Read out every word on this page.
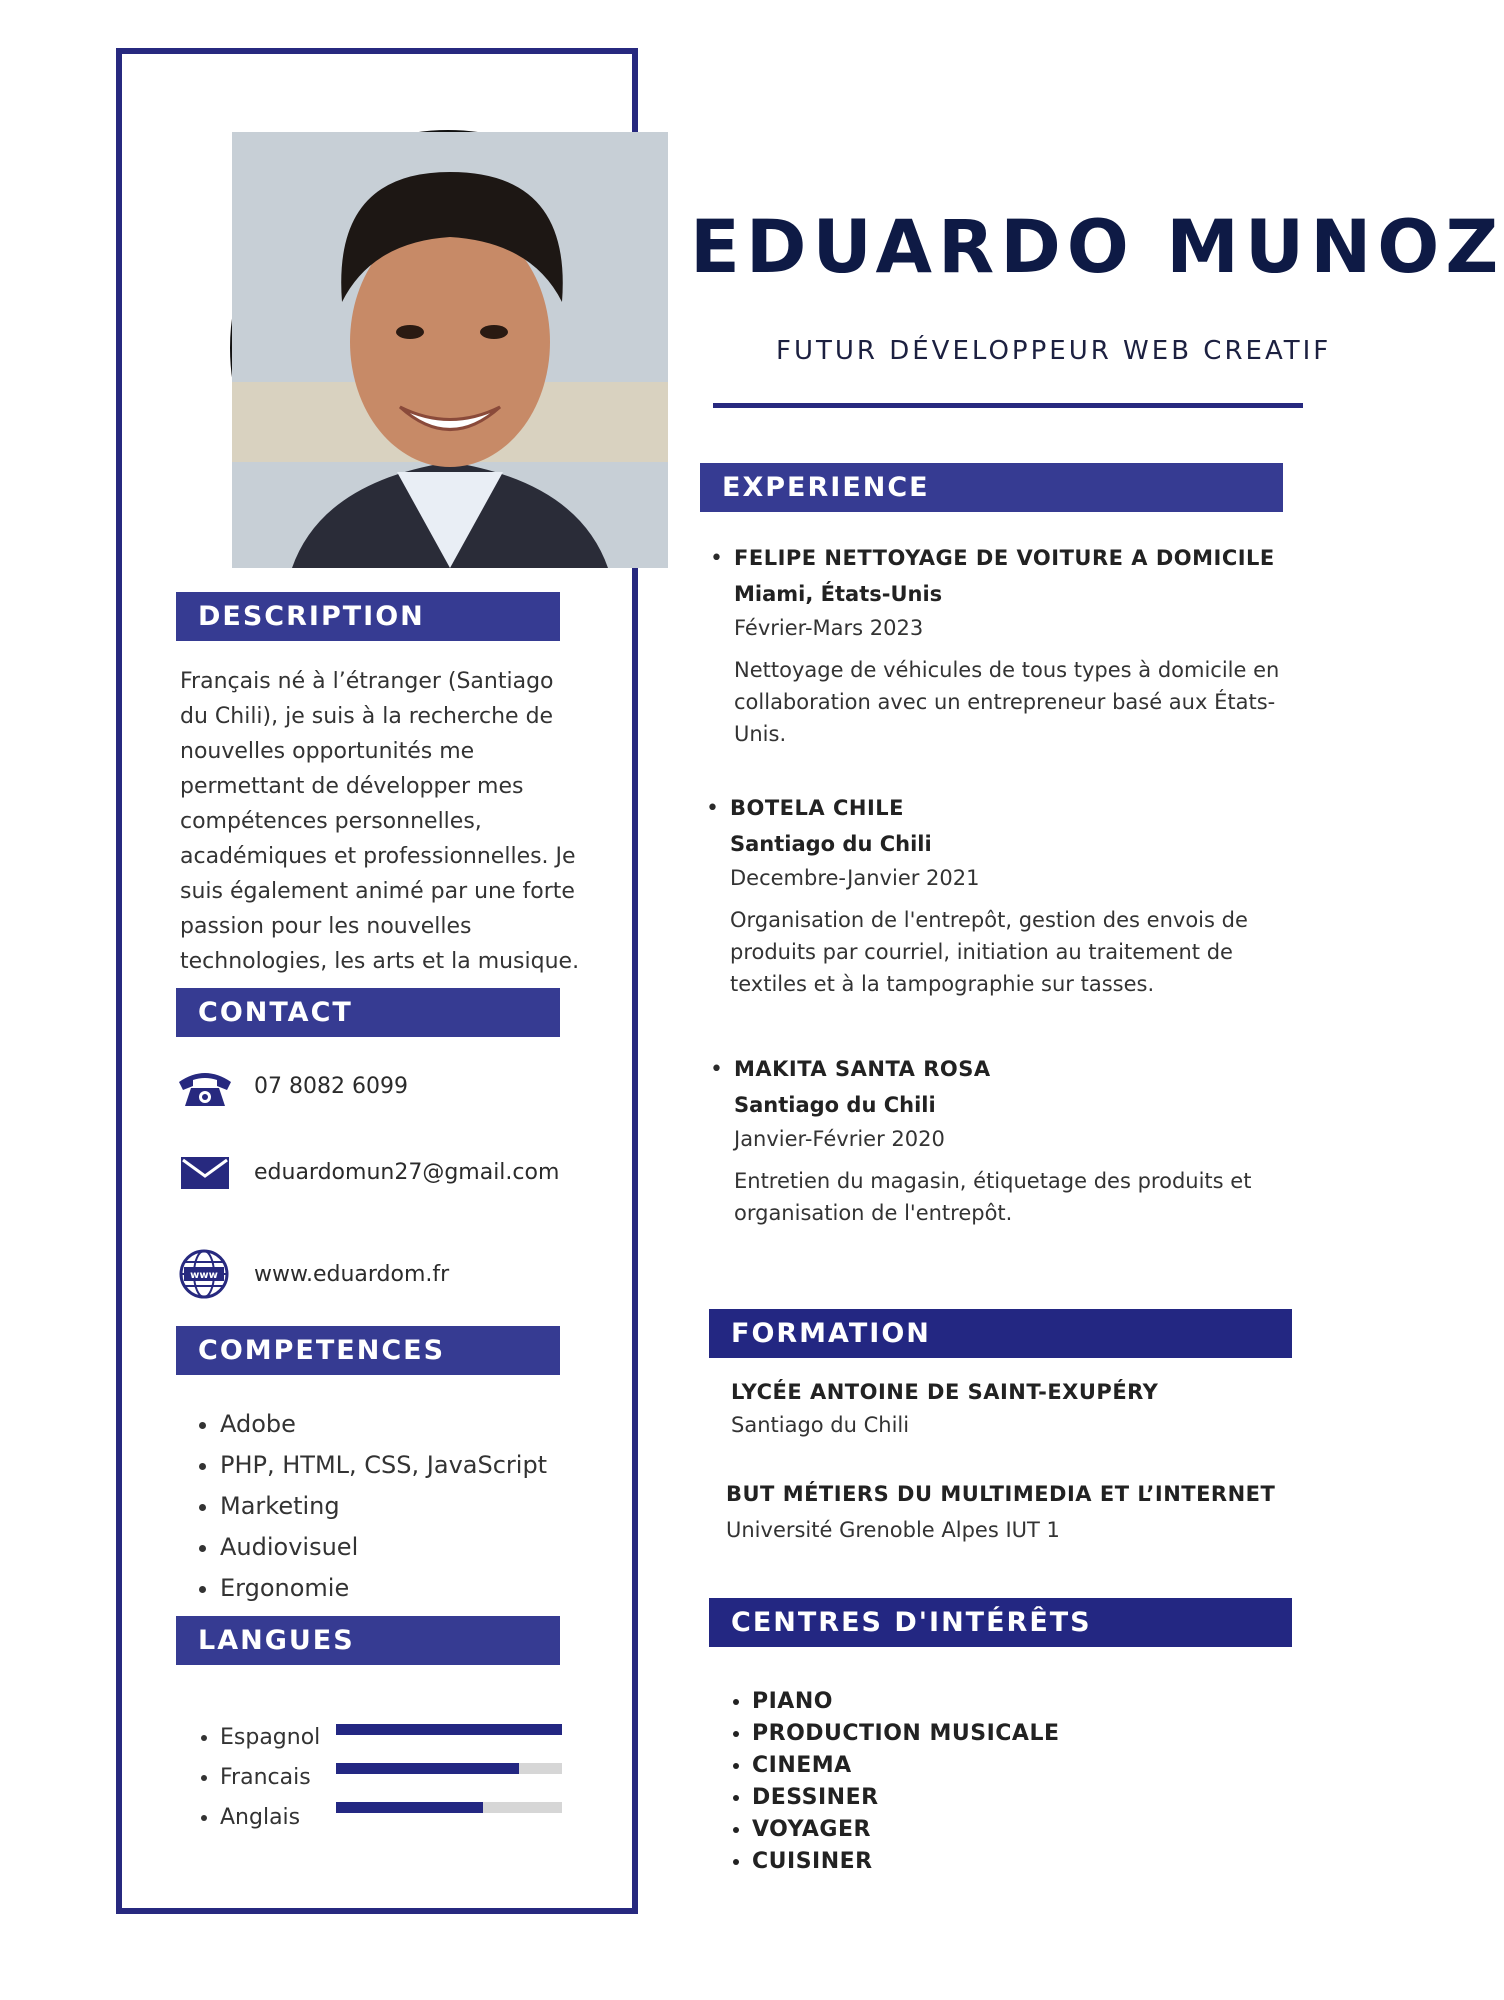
EDUARDO MUNOZ
FUTUR DÉVELOPPEUR WEB CREATIF
DESCRIPTION
Français né à l’étranger (Santiago du Chili), je suis à la recherche de nouvelles opportunités me permettant de développer mes compétences personnelles, académiques et professionnelles. Je suis également animé par une forte passion pour les nouvelles technologies, les arts et la musique.
CONTACT
07 8082 6099
eduardomun27@gmail.com
www www.eduardom.fr
COMPETENCES
• Adobe
• PHP, HTML, CSS, JavaScript
• Marketing
• Audiovisuel
• Ergonomie
LANGUES
• Espagnol
• Francais
• Anglais
EXPERIENCE
• FELIPE NETTOYAGE DE VOITURE A DOMICILE
Miami, États-Unis
Février-Mars 2023
Nettoyage de véhicules de tous types à domicile en collaboration avec un entrepreneur basé aux États-Unis.
• BOTELA CHILE
Santiago du Chili
Decembre-Janvier 2021
Organisation de l'entrepôt, gestion des envois de produits par courriel, initiation au traitement de textiles et à la tampographie sur tasses.
• MAKITA SANTA ROSA
Santiago du Chili
Janvier-Février 2020
Entretien du magasin, étiquetage des produits et organisation de l'entrepôt.
FORMATION
LYCÉE ANTOINE DE SAINT-EXUPÉRY
Santiago du Chili
BUT MÉTIERS DU MULTIMEDIA ET L’INTERNET
Université Grenoble Alpes IUT 1
CENTRES D'INTÉRÊTS
• PIANO
• PRODUCTION MUSICALE
• CINEMA
• DESSINER
• VOYAGER
• CUISINER
